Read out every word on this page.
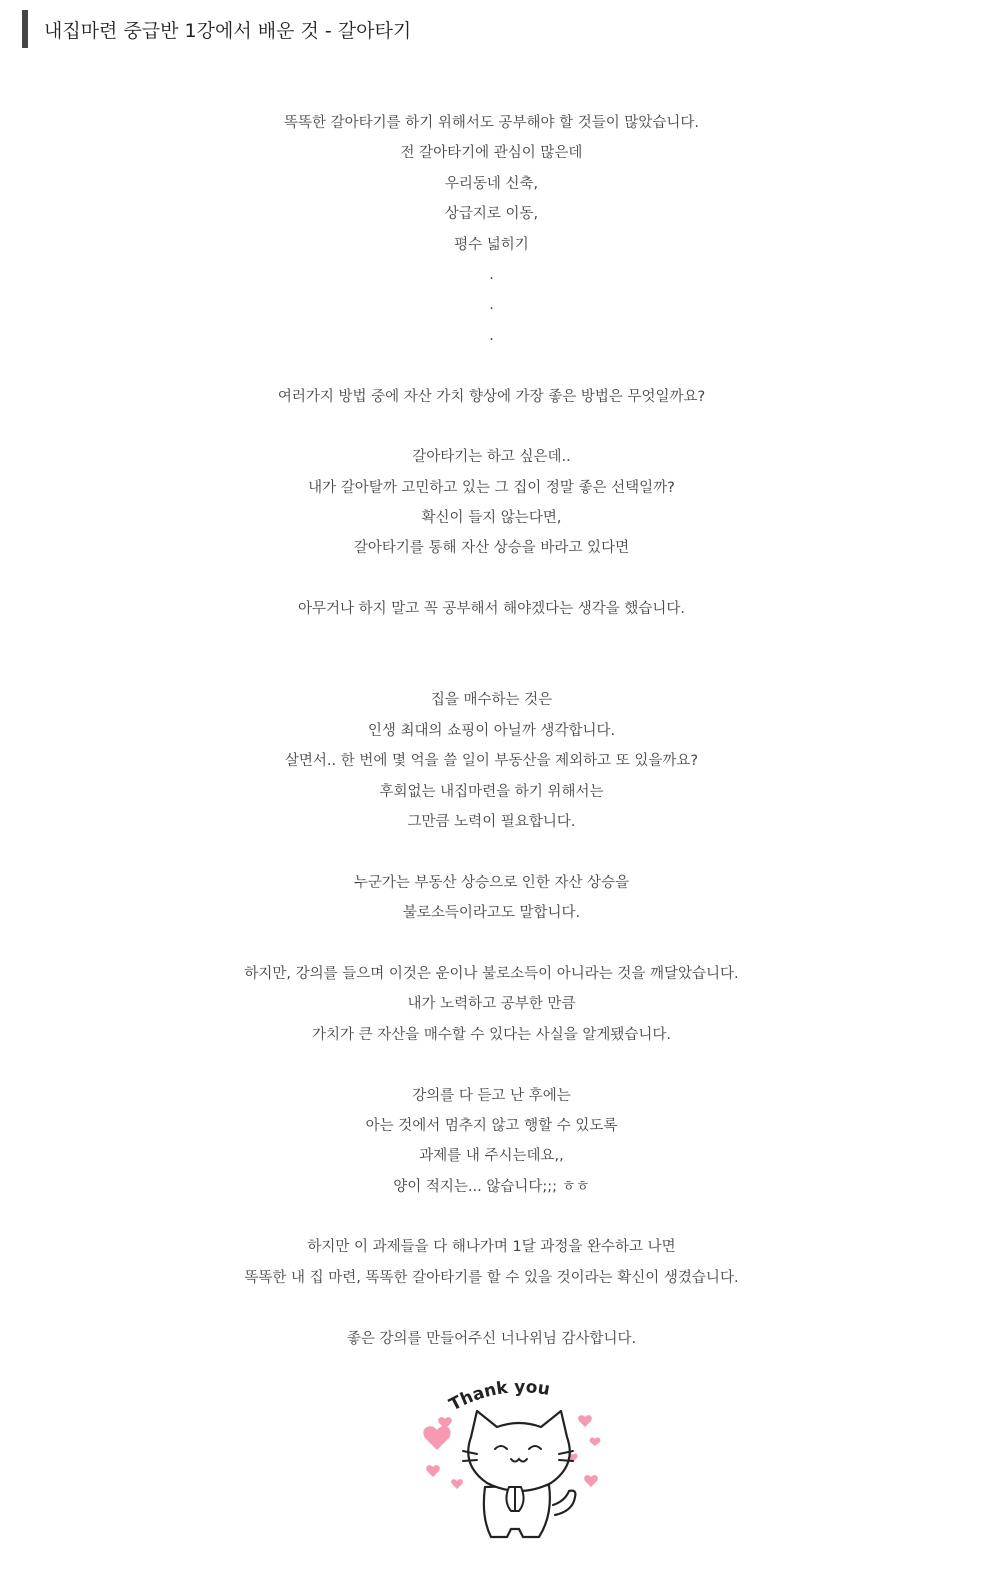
내집마련 중급반 1강에서 배운 것 - 갈아타기
똑똑한 갈아타기를 하기 위해서도 공부해야 할 것들이 많았습니다.
전 갈아타기에 관심이 많은데
우리동네 신축,
상급지로 이동,
평수 넓히기
.
.
.

여러가지 방법 중에 자산 가치 향상에 가장 좋은 방법은 무엇일까요?

갈아타기는 하고 싶은데..
내가 갈아탈까 고민하고 있는 그 집이 정말 좋은 선택일까?
확신이 들지 않는다면,
갈아타기를 통해 자산 상승을 바라고 있다면

아무거나 하지 말고 꼭 공부해서 해야겠다는 생각을 했습니다.

집을 매수하는 것은
인생 최대의 쇼핑이 아닐까 생각합니다.
살면서.. 한 번에 몇 억을 쓸 일이 부동산을 제외하고 또 있을까요?
후회없는 내집마련을 하기 위해서는
그만큼 노력이 필요합니다.

누군가는 부동산 상승으로 인한 자산 상승을
불로소득이라고도 말합니다.

하지만, 강의를 들으며 이것은 운이나 불로소득이 아니라는 것을 깨달았습니다.
내가 노력하고 공부한 만큼
가치가 큰 자산을 매수할 수 있다는 사실을 알게됐습니다.

강의를 다 듣고 난 후에는
아는 것에서 멈추지 않고 행할 수 있도록
과제를 내 주시는데요,,
양이 적지는... 않습니다;;; ㅎㅎ

하지만 이 과제들을 다 해나가며 1달 과정을 완수하고 나면
똑똑한 내 집 마련, 똑똑한 갈아타기를 할 수 있을 것이라는 확신이 생겼습니다.

좋은 강의를 만들어주신 너나위님 감사합니다.
Thank you
